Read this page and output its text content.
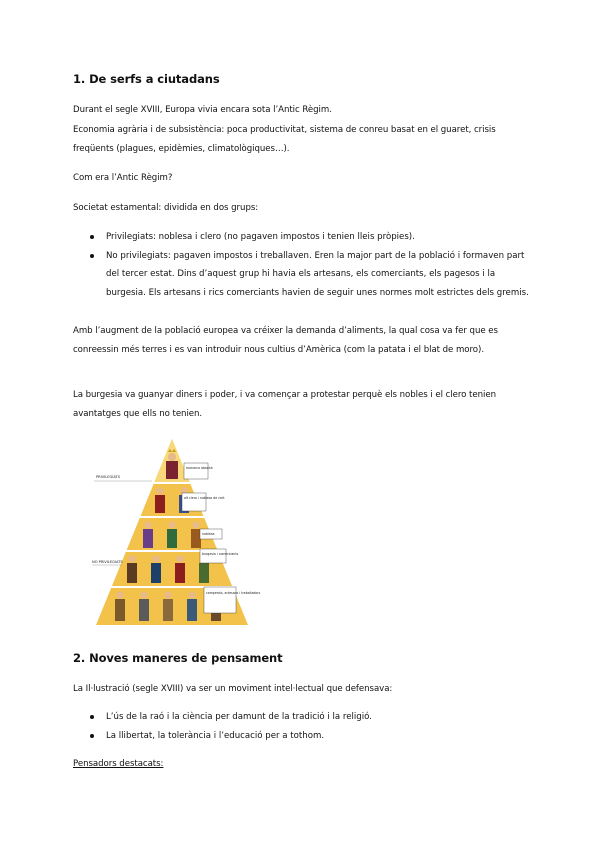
1. De serfs a ciutadans

Durant el segle XVIII, Europa vivia encara sota l’Antic Règim.

Economia agrària i de subsistència: poca productivitat, sistema de conreu basat en el guaret, crisis freqüents (plagues, epidèmies, climatològiques…).

Com era l’Antic Règim?

Societat estamental: dividida en dos grups:

Privilegiats: noblesa i clero (no pagaven impostos i tenien lleis pròpies).
No privilegiats: pagaven impostos i treballaven. Eren la major part de la població i formaven part del tercer estat. Dins d’aquest grup hi havia els artesans, els comerciants, els pagesos i la burgesia. Els artesans i rics comerciants havien de seguir unes normes molt estrictes dels gremis.

Amb l’augment de la població europea va créixer la demanda d’aliments, la qual cosa va fer que es conreessin més terres i es van introduir nous cultius d’Amèrica (com la patata i el blat de moro).

La burgesia va guanyar diners i poder, i va començar a protestar perquè els nobles i el clero tenien avantatges que ells no tenien.

PRIVILEGIATS
NO PRIVILEGIATS
monarca absolut
alt clero i noblesa de cort
noblesa
burgesia i comerciants
camperols, artesans i treballadors
2. Noves maneres de pensament

La Il·lustració (segle XVIII) va ser un moviment intel·lectual que defensava:

L’ús de la raó i la ciència per damunt de la tradició i la religió.
La llibertat, la tolerància i l’educació per a tothom.

Pensadors destacats:
